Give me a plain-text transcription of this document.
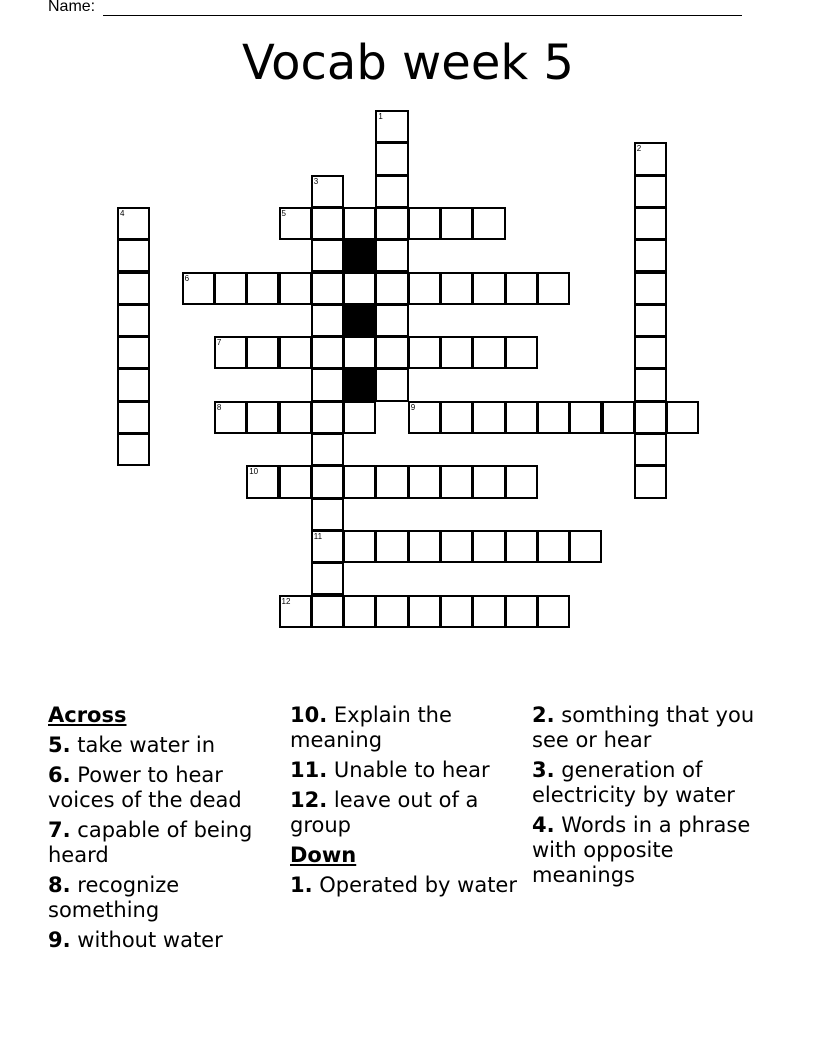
Name:
Vocab week 5
1
3
5
6
7
8	9
10
11
12
4
2
Across
5. take water in
6. Power to hear voices of the dead
7. capable of being heard
8. recognize something
9. without water
10. Explain the meaning
11. Unable to hear
12. leave out of a group
Down
1. Operated by water
2. somthing that you see or hear
3. generation of electricity by water
4. Words in a phrase with opposite meanings
